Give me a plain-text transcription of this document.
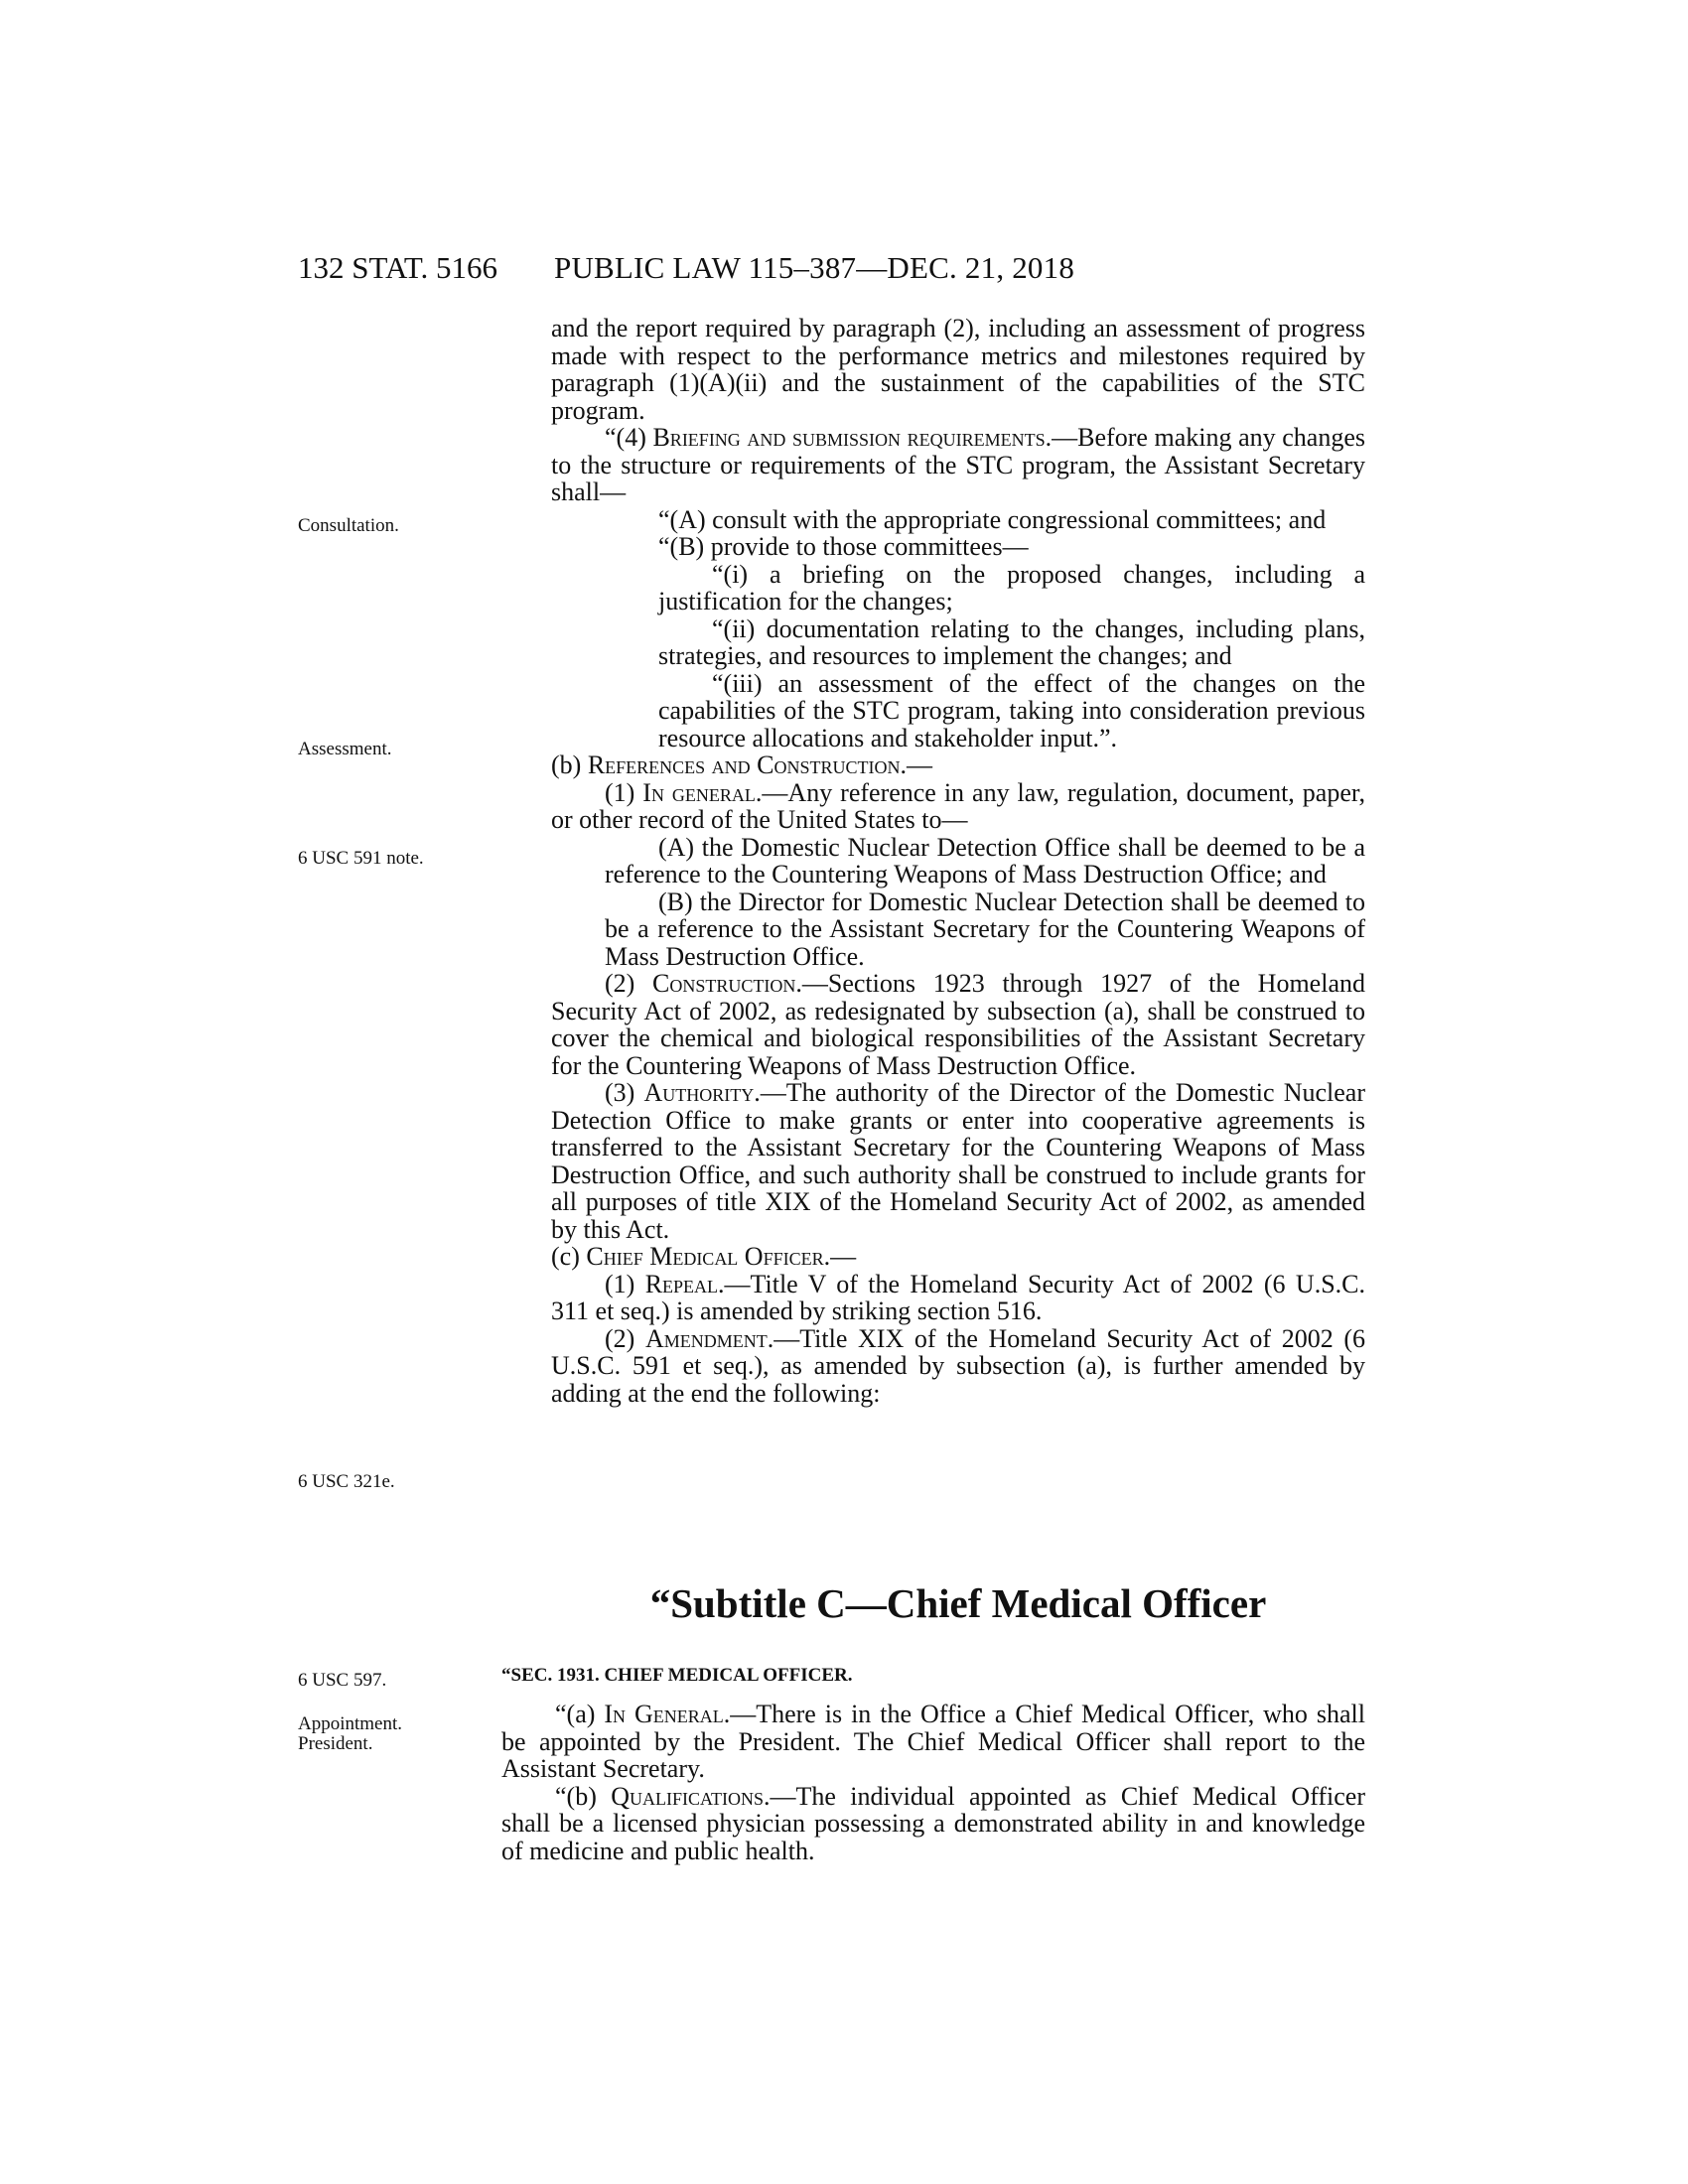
132 STAT. 5166 PUBLIC LAW 115–387—DEC. 21, 2018
Consultation.
Assessment.
6 USC 591 note.
6 USC 321e.
6 USC 597.
Appointment.
President.
and the report required by paragraph (2), including an assessment of progress made with respect to the performance metrics and milestones required by paragraph (1)(A)(ii) and the sustainment of the capabilities of the STC program.
“(4) Briefing and submission requirements.—Before making any changes to the structure or requirements of the STC program, the Assistant Secretary shall—
“(A) consult with the appropriate congressional committees; and
“(B) provide to those committees—
“(i) a briefing on the proposed changes, including a justification for the changes;
“(ii) documentation relating to the changes, including plans, strategies, and resources to implement the changes; and
“(iii) an assessment of the effect of the changes on the capabilities of the STC program, taking into consideration previous resource allocations and stakeholder input.”.
(b) References and Construction.—
(1) In general.—Any reference in any law, regulation, document, paper, or other record of the United States to—
(A) the Domestic Nuclear Detection Office shall be deemed to be a reference to the Countering Weapons of Mass Destruction Office; and
(B) the Director for Domestic Nuclear Detection shall be deemed to be a reference to the Assistant Secretary for the Countering Weapons of Mass Destruction Office.
(2) Construction.—Sections 1923 through 1927 of the Homeland Security Act of 2002, as redesignated by subsection (a), shall be construed to cover the chemical and biological responsibilities of the Assistant Secretary for the Countering Weapons of Mass Destruction Office.
(3) Authority.—The authority of the Director of the Domestic Nuclear Detection Office to make grants or enter into cooperative agreements is transferred to the Assistant Secretary for the Countering Weapons of Mass Destruction Office, and such authority shall be construed to include grants for all purposes of title XIX of the Homeland Security Act of 2002, as amended by this Act.
(c) Chief Medical Officer.—
(1) Repeal.—Title V of the Homeland Security Act of 2002 (6 U.S.C. 311 et seq.) is amended by striking section 516.
(2) Amendment.—Title XIX of the Homeland Security Act of 2002 (6 U.S.C. 591 et seq.), as amended by subsection (a), is further amended by adding at the end the following:
“Subtitle C—Chief Medical Officer
“SEC. 1931. CHIEF MEDICAL OFFICER.
“(a) In General.—There is in the Office a Chief Medical Officer, who shall be appointed by the President. The Chief Medical Officer shall report to the Assistant Secretary.
“(b) Qualifications.—The individual appointed as Chief Medical Officer shall be a licensed physician possessing a demonstrated ability in and knowledge of medicine and public health.
